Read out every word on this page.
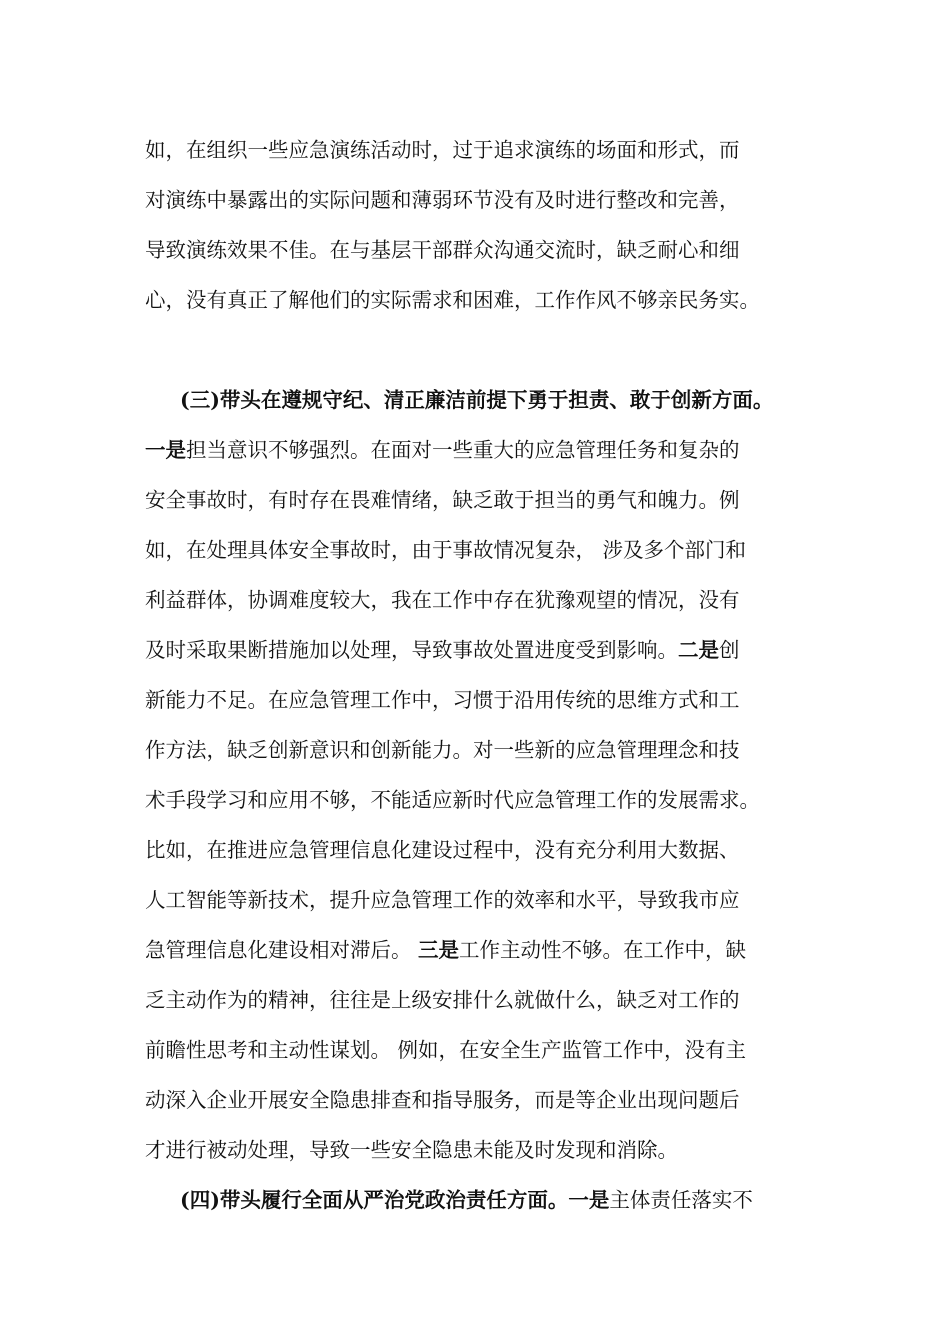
如，在组织一些应急演练活动时，过于追求演练的场面和形式，而
对演练中暴露出的实际问题和薄弱环节没有及时进行整改和完善，
导致演练效果不佳。在与基层干部群众沟通交流时，缺乏耐心和细
心，没有真正了解他们的实际需求和困难，工作作风不够亲民务实。
(三)带头在遵规守纪、清正廉洁前提下勇于担责、敢于创新方面。
一是担当意识不够强烈。在面对一些重大的应急管理任务和复杂的
安全事故时，有时存在畏难情绪，缺乏敢于担当的勇气和魄力。例
如，在处理具体安全事故时，由于事故情况复杂， 涉及多个部门和
利益群体，协调难度较大，我在工作中存在犹豫观望的情况，没有
及时采取果断措施加以处理，导致事故处置进度受到影响。二是创
新能力不足。在应急管理工作中，习惯于沿用传统的思维方式和工
作方法，缺乏创新意识和创新能力。对一些新的应急管理理念和技
术手段学习和应用不够，不能适应新时代应急管理工作的发展需求。
比如，在推进应急管理信息化建设过程中，没有充分利用大数据、
人工智能等新技术，提升应急管理工作的效率和水平，导致我市应
急管理信息化建设相对滞后。 三是工作主动性不够。在工作中，缺
乏主动作为的精神，往往是上级安排什么就做什么，缺乏对工作的
前瞻性思考和主动性谋划。 例如，在安全生产监管工作中，没有主
动深入企业开展安全隐患排查和指导服务，而是等企业出现问题后
才进行被动处理，导致一些安全隐患未能及时发现和消除。
(四)带头履行全面从严治党政治责任方面。一是主体责任落实不
